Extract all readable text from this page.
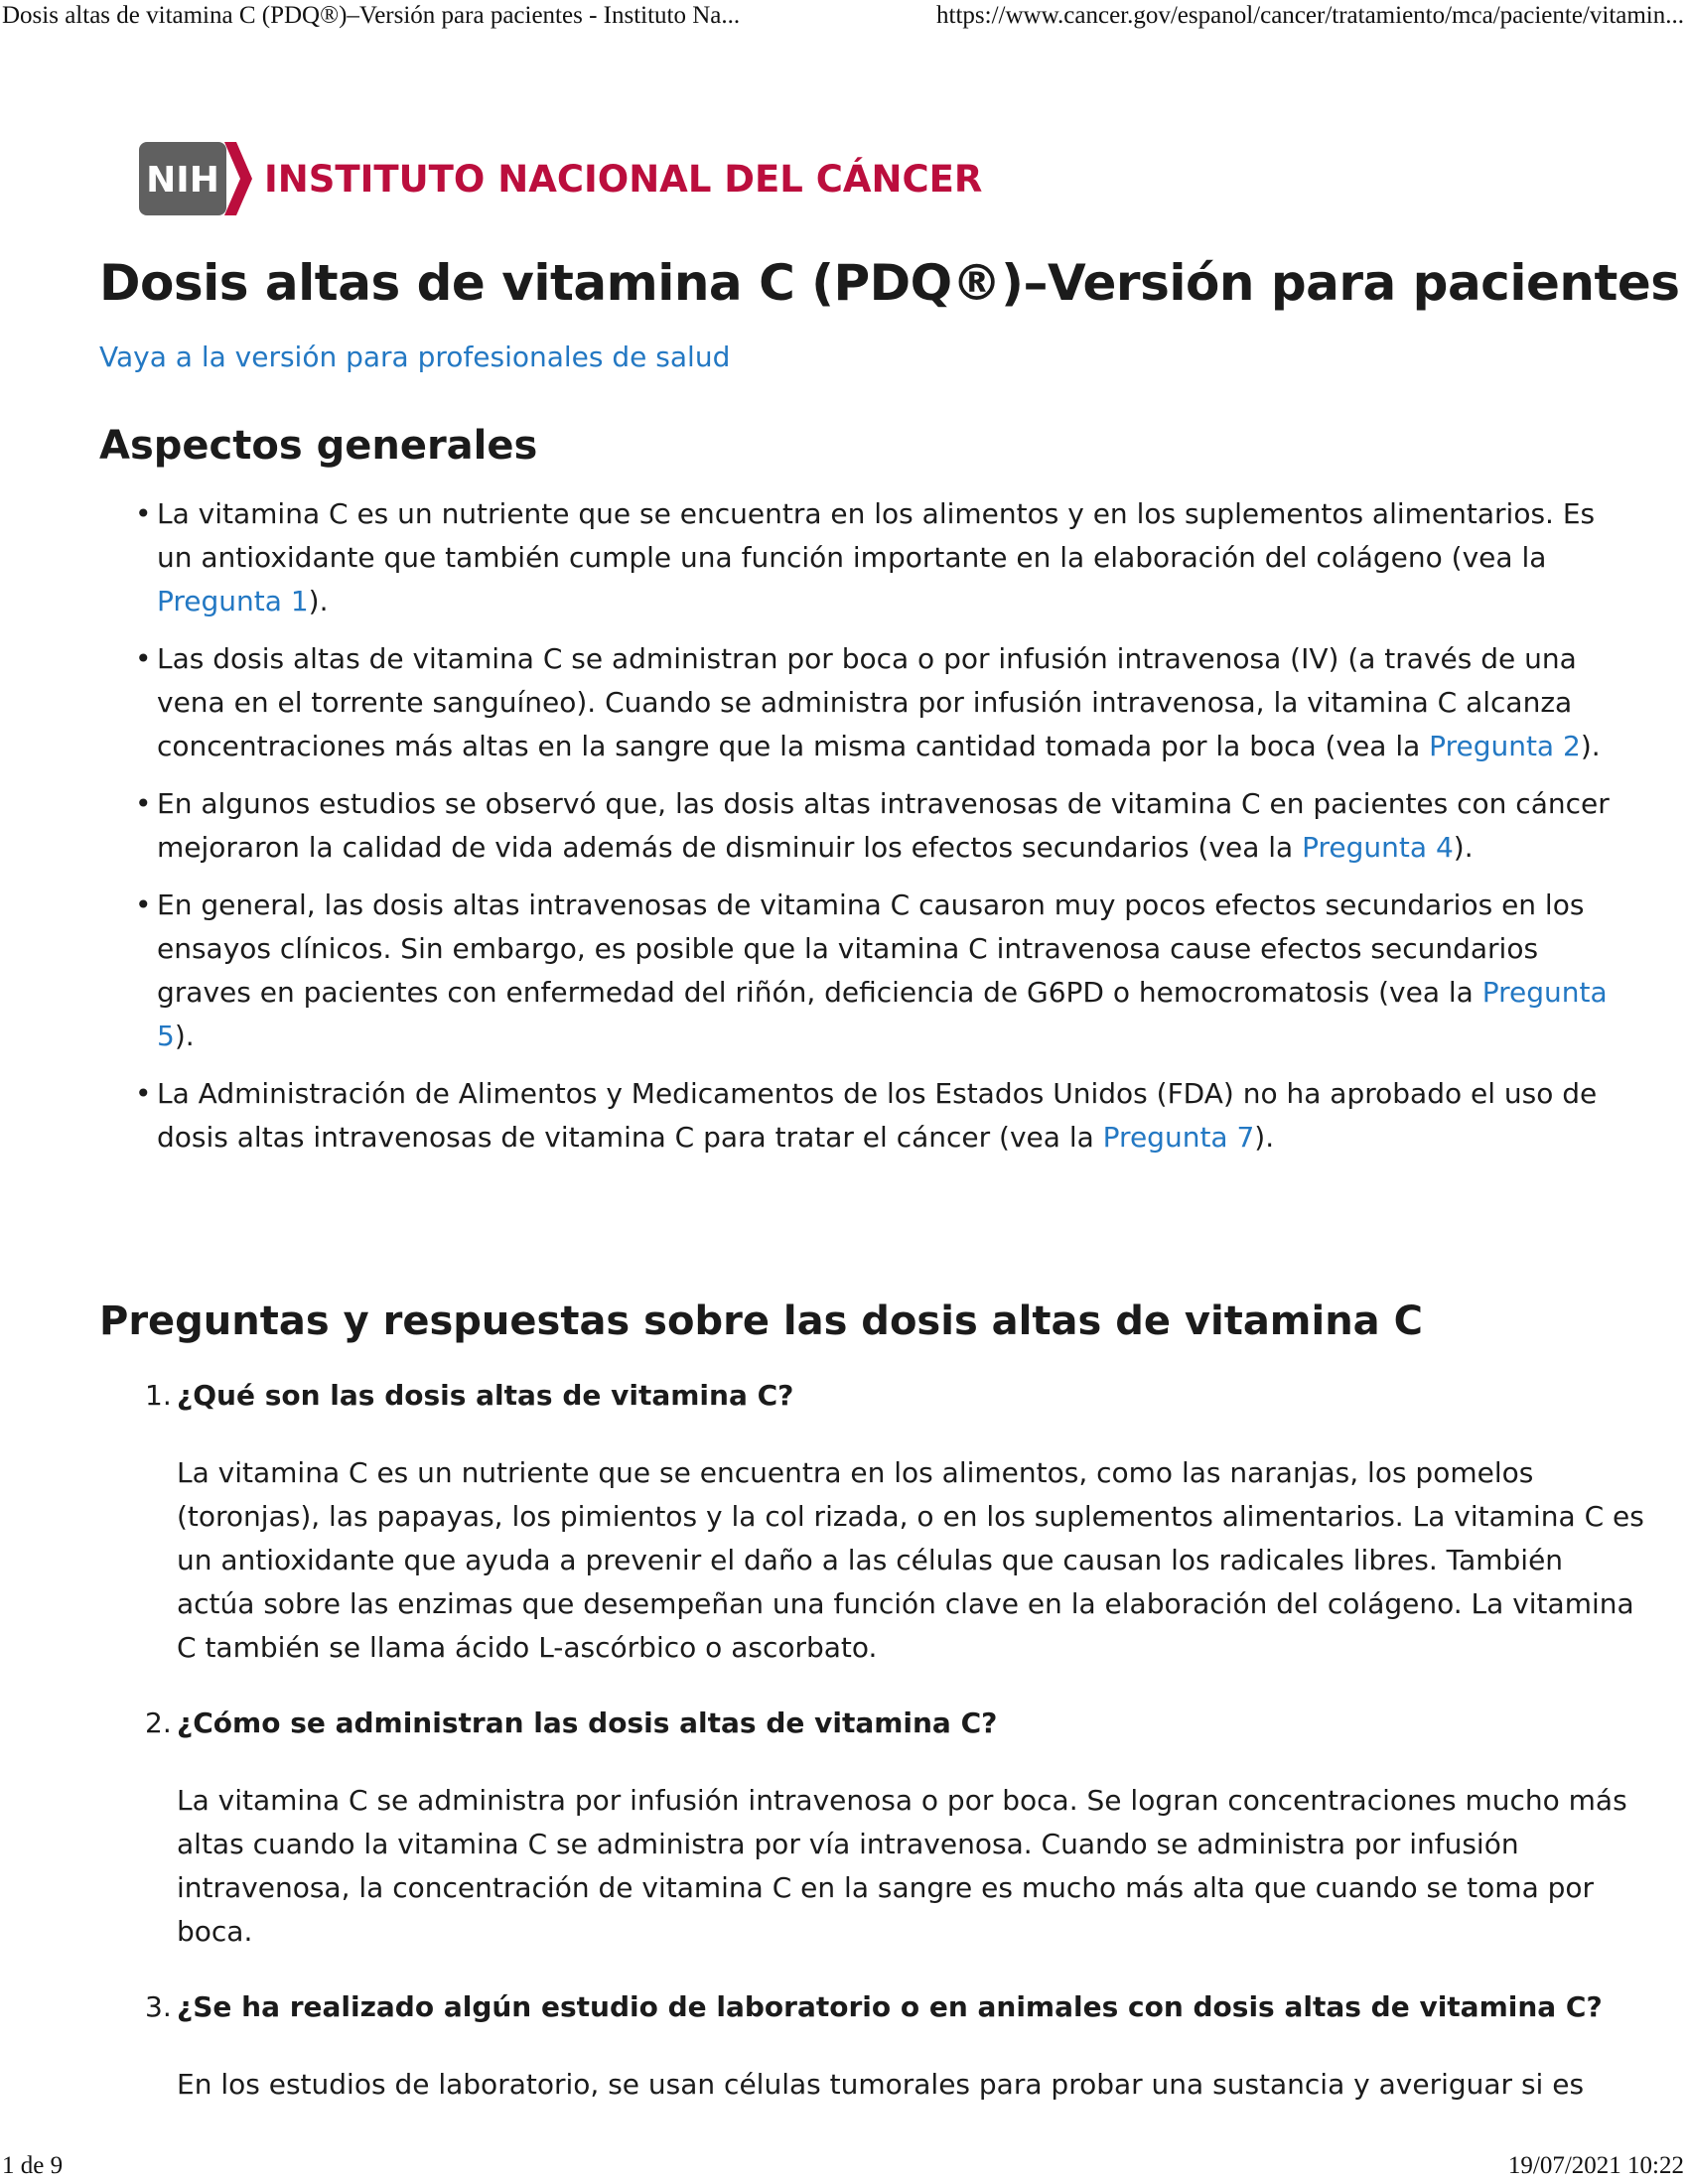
Dosis altas de vitamina C (PDQ®)–Versión para pacientes - Instituto Na...	https://www.cancer.gov/espanol/cancer/tratamiento/mca/paciente/vitamin...
NIH INSTITUTO NACIONAL DEL CÁNCER
Dosis altas de vitamina C (PDQ®)–Versión para pacientes
Vaya a la versión para profesionales de salud
Aspectos generales
• La vitamina C es un nutriente que se encuentra en los alimentos y en los suplementos alimentarios. Es un antioxidante que también cumple una función importante en la elaboración del colágeno (vea la Pregunta 1).
• Las dosis altas de vitamina C se administran por boca o por infusión intravenosa (IV) (a través de una vena en el torrente sanguíneo). Cuando se administra por infusión intravenosa, la vitamina C alcanza concentraciones más altas en la sangre que la misma cantidad tomada por la boca (vea la Pregunta 2).
• En algunos estudios se observó que, las dosis altas intravenosas de vitamina C en pacientes con cáncer mejoraron la calidad de vida además de disminuir los efectos secundarios (vea la Pregunta 4).
• En general, las dosis altas intravenosas de vitamina C causaron muy pocos efectos secundarios en los ensayos clínicos. Sin embargo, es posible que la vitamina C intravenosa cause efectos secundarios graves en pacientes con enfermedad del riñón, deficiencia de G6PD o hemocromatosis (vea la Pregunta 5).
• La Administración de Alimentos y Medicamentos de los Estados Unidos (FDA) no ha aprobado el uso de dosis altas intravenosas de vitamina C para tratar el cáncer (vea la Pregunta 7).
Preguntas y respuestas sobre las dosis altas de vitamina C
1. ¿Qué son las dosis altas de vitamina C?

La vitamina C es un nutriente que se encuentra en los alimentos, como las naranjas, los pomelos (toronjas), las papayas, los pimientos y la col rizada, o en los suplementos alimentarios. La vitamina C es un antioxidante que ayuda a prevenir el daño a las células que causan los radicales libres. También actúa sobre las enzimas que desempeñan una función clave en la elaboración del colágeno. La vitamina C también se llama ácido L-ascórbico o ascorbato.

2. ¿Cómo se administran las dosis altas de vitamina C?

La vitamina C se administra por infusión intravenosa o por boca. Se logran concentraciones mucho más altas cuando la vitamina C se administra por vía intravenosa. Cuando se administra por infusión intravenosa, la concentración de vitamina C en la sangre es mucho más alta que cuando se toma por boca.

3. ¿Se ha realizado algún estudio de laboratorio o en animales con dosis altas de vitamina C?

En los estudios de laboratorio, se usan células tumorales para probar una sustancia y averiguar si es

1 de 9	19/07/2021 10:22
